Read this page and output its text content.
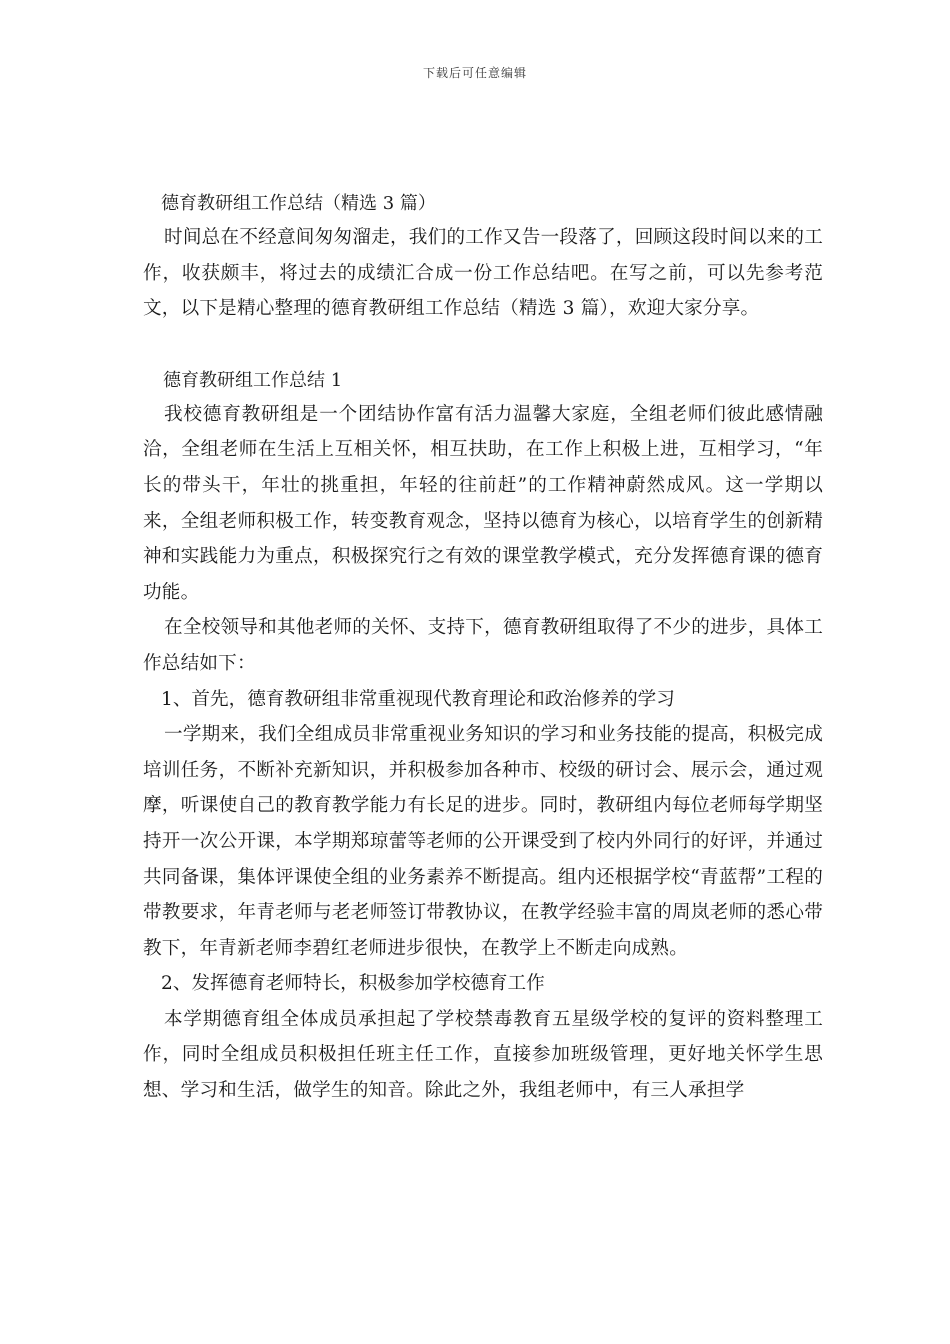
下载后可任意编辑
德育教研组工作总结（精选 3 篇）

时间总在不经意间匆匆溜走，我们的工作又告一段落了，回顾这段时间以来的工作，收获颇丰，将过去的成绩汇合成一份工作总结吧。在写之前，可以先参考范文，以下是精心整理的德育教研组工作总结（精选 3 篇），欢迎大家分享。

德育教研组工作总结 1

我校德育教研组是一个团结协作富有活力温馨大家庭，全组老师们彼此感情融洽，全组老师在生活上互相关怀，相互扶助，在工作上积极上进，互相学习，“年长的带头干，年壮的挑重担，年轻的往前赶”的工作精神蔚然成风。这一学期以来，全组老师积极工作，转变教育观念，坚持以德育为核心，以培育学生的创新精神和实践能力为重点，积极探究行之有效的课堂教学模式，充分发挥德育课的德育功能。

在全校领导和其他老师的关怀、支持下，德育教研组取得了不少的进步，具体工作总结如下：

1、首先，德育教研组非常重视现代教育理论和政治修养的学习

一学期来，我们全组成员非常重视业务知识的学习和业务技能的提高，积极完成培训任务，不断补充新知识，并积极参加各种市、校级的研讨会、展示会，通过观摩，听课使自己的教育教学能力有长足的进步。同时，教研组内每位老师每学期坚持开一次公开课，本学期郑琼蕾等老师的公开课受到了校内外同行的好评，并通过共同备课，集体评课使全组的业务素养不断提高。组内还根据学校“青蓝帮”工程的带教要求，年青老师与老老师签订带教协议，在教学经验丰富的周岚老师的悉心带教下，年青新老师李碧红老师进步很快，在教学上不断走向成熟。

2、发挥德育老师特长，积极参加学校德育工作

本学期德育组全体成员承担起了学校禁毒教育五星级学校的复评的资料整理工作，同时全组成员积极担任班主任工作，直接参加班级管理，更好地关怀学生思想、学习和生活，做学生的知音。除此之外，我组老师中，有三人承担学
